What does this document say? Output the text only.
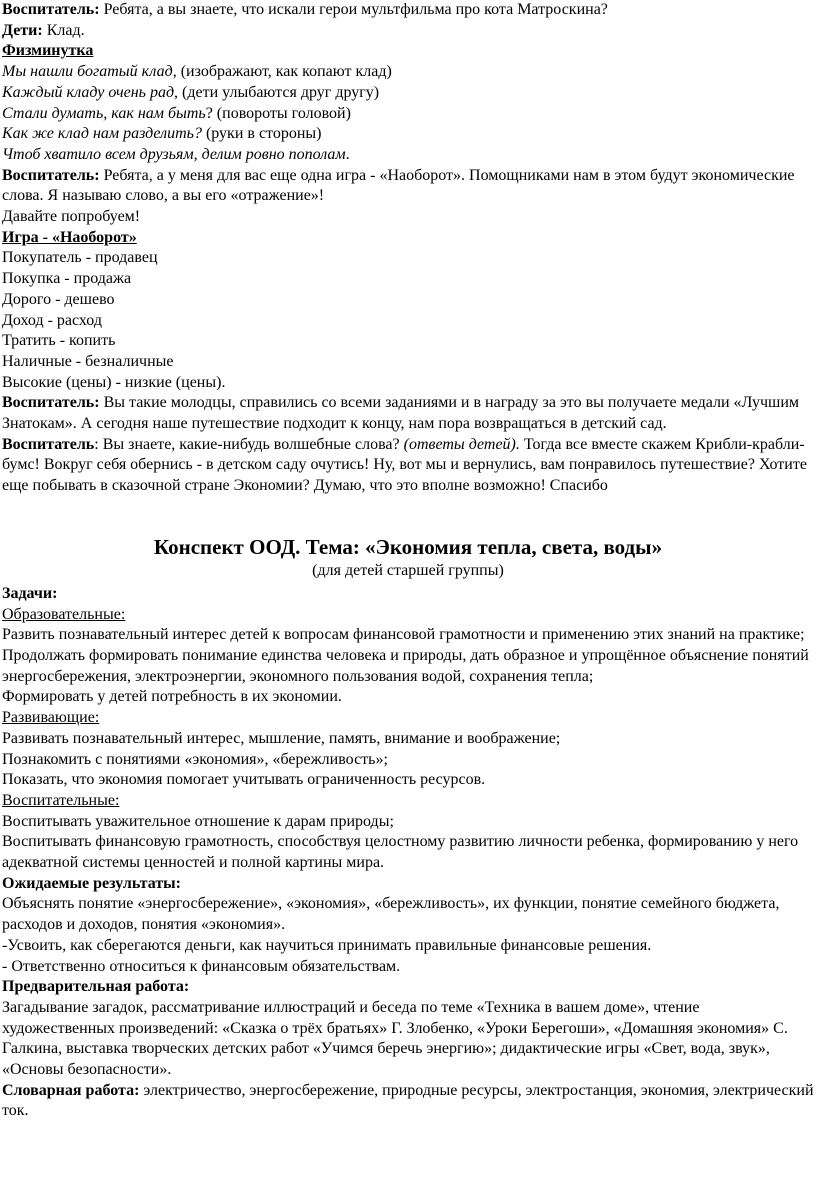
Воспитатель: Ребята, а вы знаете, что искали герои мультфильма про кота Матроскина?

Дети: Клад.

Физминутка

Мы нашли богатый клад, (изображают, как копают клад)

Каждый кладу очень рад, (дети улыбаются друг другу)

Стали думать, как нам быть? (повороты головой)

Как же клад нам разделить? (руки в стороны)

Чтоб хватило всем друзьям, делим ровно пополам.

Воспитатель: Ребята, а у меня для вас еще одна игра - «Наоборот». Помощниками нам в этом будут экономические слова. Я называю слово, а вы его «отражение»!

Давайте попробуем!

Игра - «Наоборот»

Покупатель - продавец

Покупка - продажа

Дорого - дешево

Доход - расход

Тратить - копить

Наличные - безналичные

Высокие (цены) - низкие (цены).

Воспитатель: Вы такие молодцы, справились со всеми заданиями и в награду за это вы получаете медали «Лучшим Знатокам». А сегодня наше путешествие подходит к концу, нам пора возвращаться в детский сад.

Воспитатель: Вы знаете, какие-нибудь волшебные слова? (ответы детей). Тогда все вместе скажем Крибли-крабли-бумс! Вокруг себя обернись - в детском саду очутись! Ну, вот мы и вернулись, вам понравилось путешествие? Хотите еще побывать в сказочной стране Экономии? Думаю, что это вполне возможно! Спасибо

Конспект ООД. Тема: «Экономия тепла, света, воды»

(для детей старшей группы)

Задачи:

Образовательные:

Развить познавательный интерес детей к вопросам финансовой грамотности и применению этих знаний на практике;

Продолжать формировать понимание единства человека и природы, дать образное и упрощённое объяснение понятий энергосбережения, электроэнергии, экономного пользования водой, сохранения тепла;

Формировать у детей потребность в их экономии.

Развивающие:

Развивать познавательный интерес, мышление, память, внимание и воображение;

Познакомить с понятиями «экономия», «бережливость»;

Показать, что экономия помогает учитывать ограниченность ресурсов.

Воспитательные:

Воспитывать уважительное отношение к дарам природы;

Воспитывать финансовую грамотность, способствуя целостному развитию личности ребенка, формированию у него адекватной системы ценностей и полной картины мира.

Ожидаемые результаты:

Объяснять понятие «энергосбережение», «экономия», «бережливость», их функции, понятие семейного бюджета, расходов и доходов, понятия «экономия».

-Усвоить, как сберегаются деньги, как научиться принимать правильные финансовые решения.

- Ответственно относиться к финансовым обязательствам.

Предварительная работа:

Загадывание загадок, рассматривание иллюстраций и беседа по теме «Техника в вашем доме», чтение художественных произведений: «Сказка о трёх братьях» Г. Злобенко, «Уроки Берегоши», «Домашняя экономия» С. Галкина, выставка творческих детских работ «Учимся беречь энергию»; дидактические игры «Свет, вода, звук», «Основы безопасности».

Словарная работа: электричество, энергосбережение, природные ресурсы, электростанция, экономия, электрический ток.
